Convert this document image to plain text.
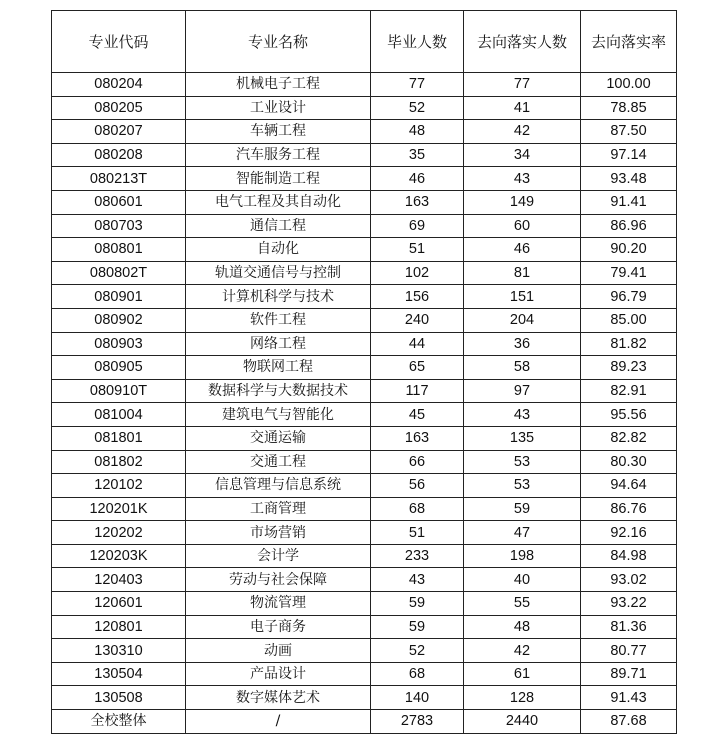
专业代码	专业名称	毕业人数	去向落实人数	去向落实率
080204	机械电子工程	77	77	100.00
080205	工业设计	52	41	78.85
080207	车辆工程	48	42	87.50
080208	汽车服务工程	35	34	97.14
080213T	智能制造工程	46	43	93.48
080601	电气工程及其自动化	163	149	91.41
080703	通信工程	69	60	86.96
080801	自动化	51	46	90.20
080802T	轨道交通信号与控制	102	81	79.41
080901	计算机科学与技术	156	151	96.79
080902	软件工程	240	204	85.00
080903	网络工程	44	36	81.82
080905	物联网工程	65	58	89.23
080910T	数据科学与大数据技术	117	97	82.91
081004	建筑电气与智能化	45	43	95.56
081801	交通运输	163	135	82.82
081802	交通工程	66	53	80.30
120102	信息管理与信息系统	56	53	94.64
120201K	工商管理	68	59	86.76
120202	市场营销	51	47	92.16
120203K	会计学	233	198	84.98
120403	劳动与社会保障	43	40	93.02
120601	物流管理	59	55	93.22
120801	电子商务	59	48	81.36
130310	动画	52	42	80.77
130504	产品设计	68	61	89.71
130508	数字媒体艺术	140	128	91.43
全校整体	/	2783	2440	87.68
